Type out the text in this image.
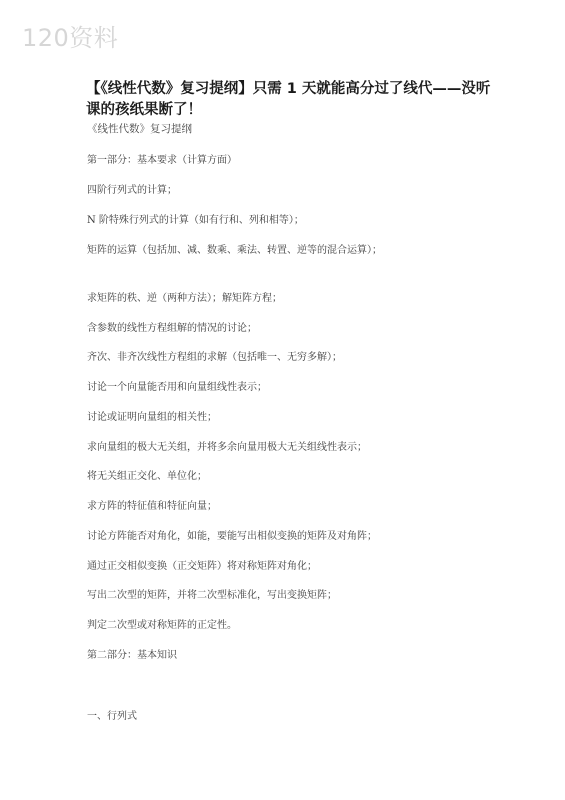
120资料
【《线性代数》复习提纲】只需 1 天就能高分过了线代——没听课的孩纸果断了！
《线性代数》复习提纲
第一部分：基本要求（计算方面）
四阶行列式的计算；
N 阶特殊行列式的计算（如有行和、列和相等）；
矩阵的运算（包括加、减、数乘、乘法、转置、逆等的混合运算）；
求矩阵的秩、逆（两种方法）；解矩阵方程；
含参数的线性方程组解的情况的讨论；
齐次、非齐次线性方程组的求解（包括唯一、无穷多解）；
讨论一个向量能否用和向量组线性表示；
讨论或证明向量组的相关性；
求向量组的极大无关组，并将多余向量用极大无关组线性表示；
将无关组正交化、单位化；
求方阵的特征值和特征向量；
讨论方阵能否对角化，如能，要能写出相似变换的矩阵及对角阵；
通过正交相似变换（正交矩阵）将对称矩阵对角化；
写出二次型的矩阵，并将二次型标准化，写出变换矩阵；
判定二次型或对称矩阵的正定性。
第二部分：基本知识
一、行列式
